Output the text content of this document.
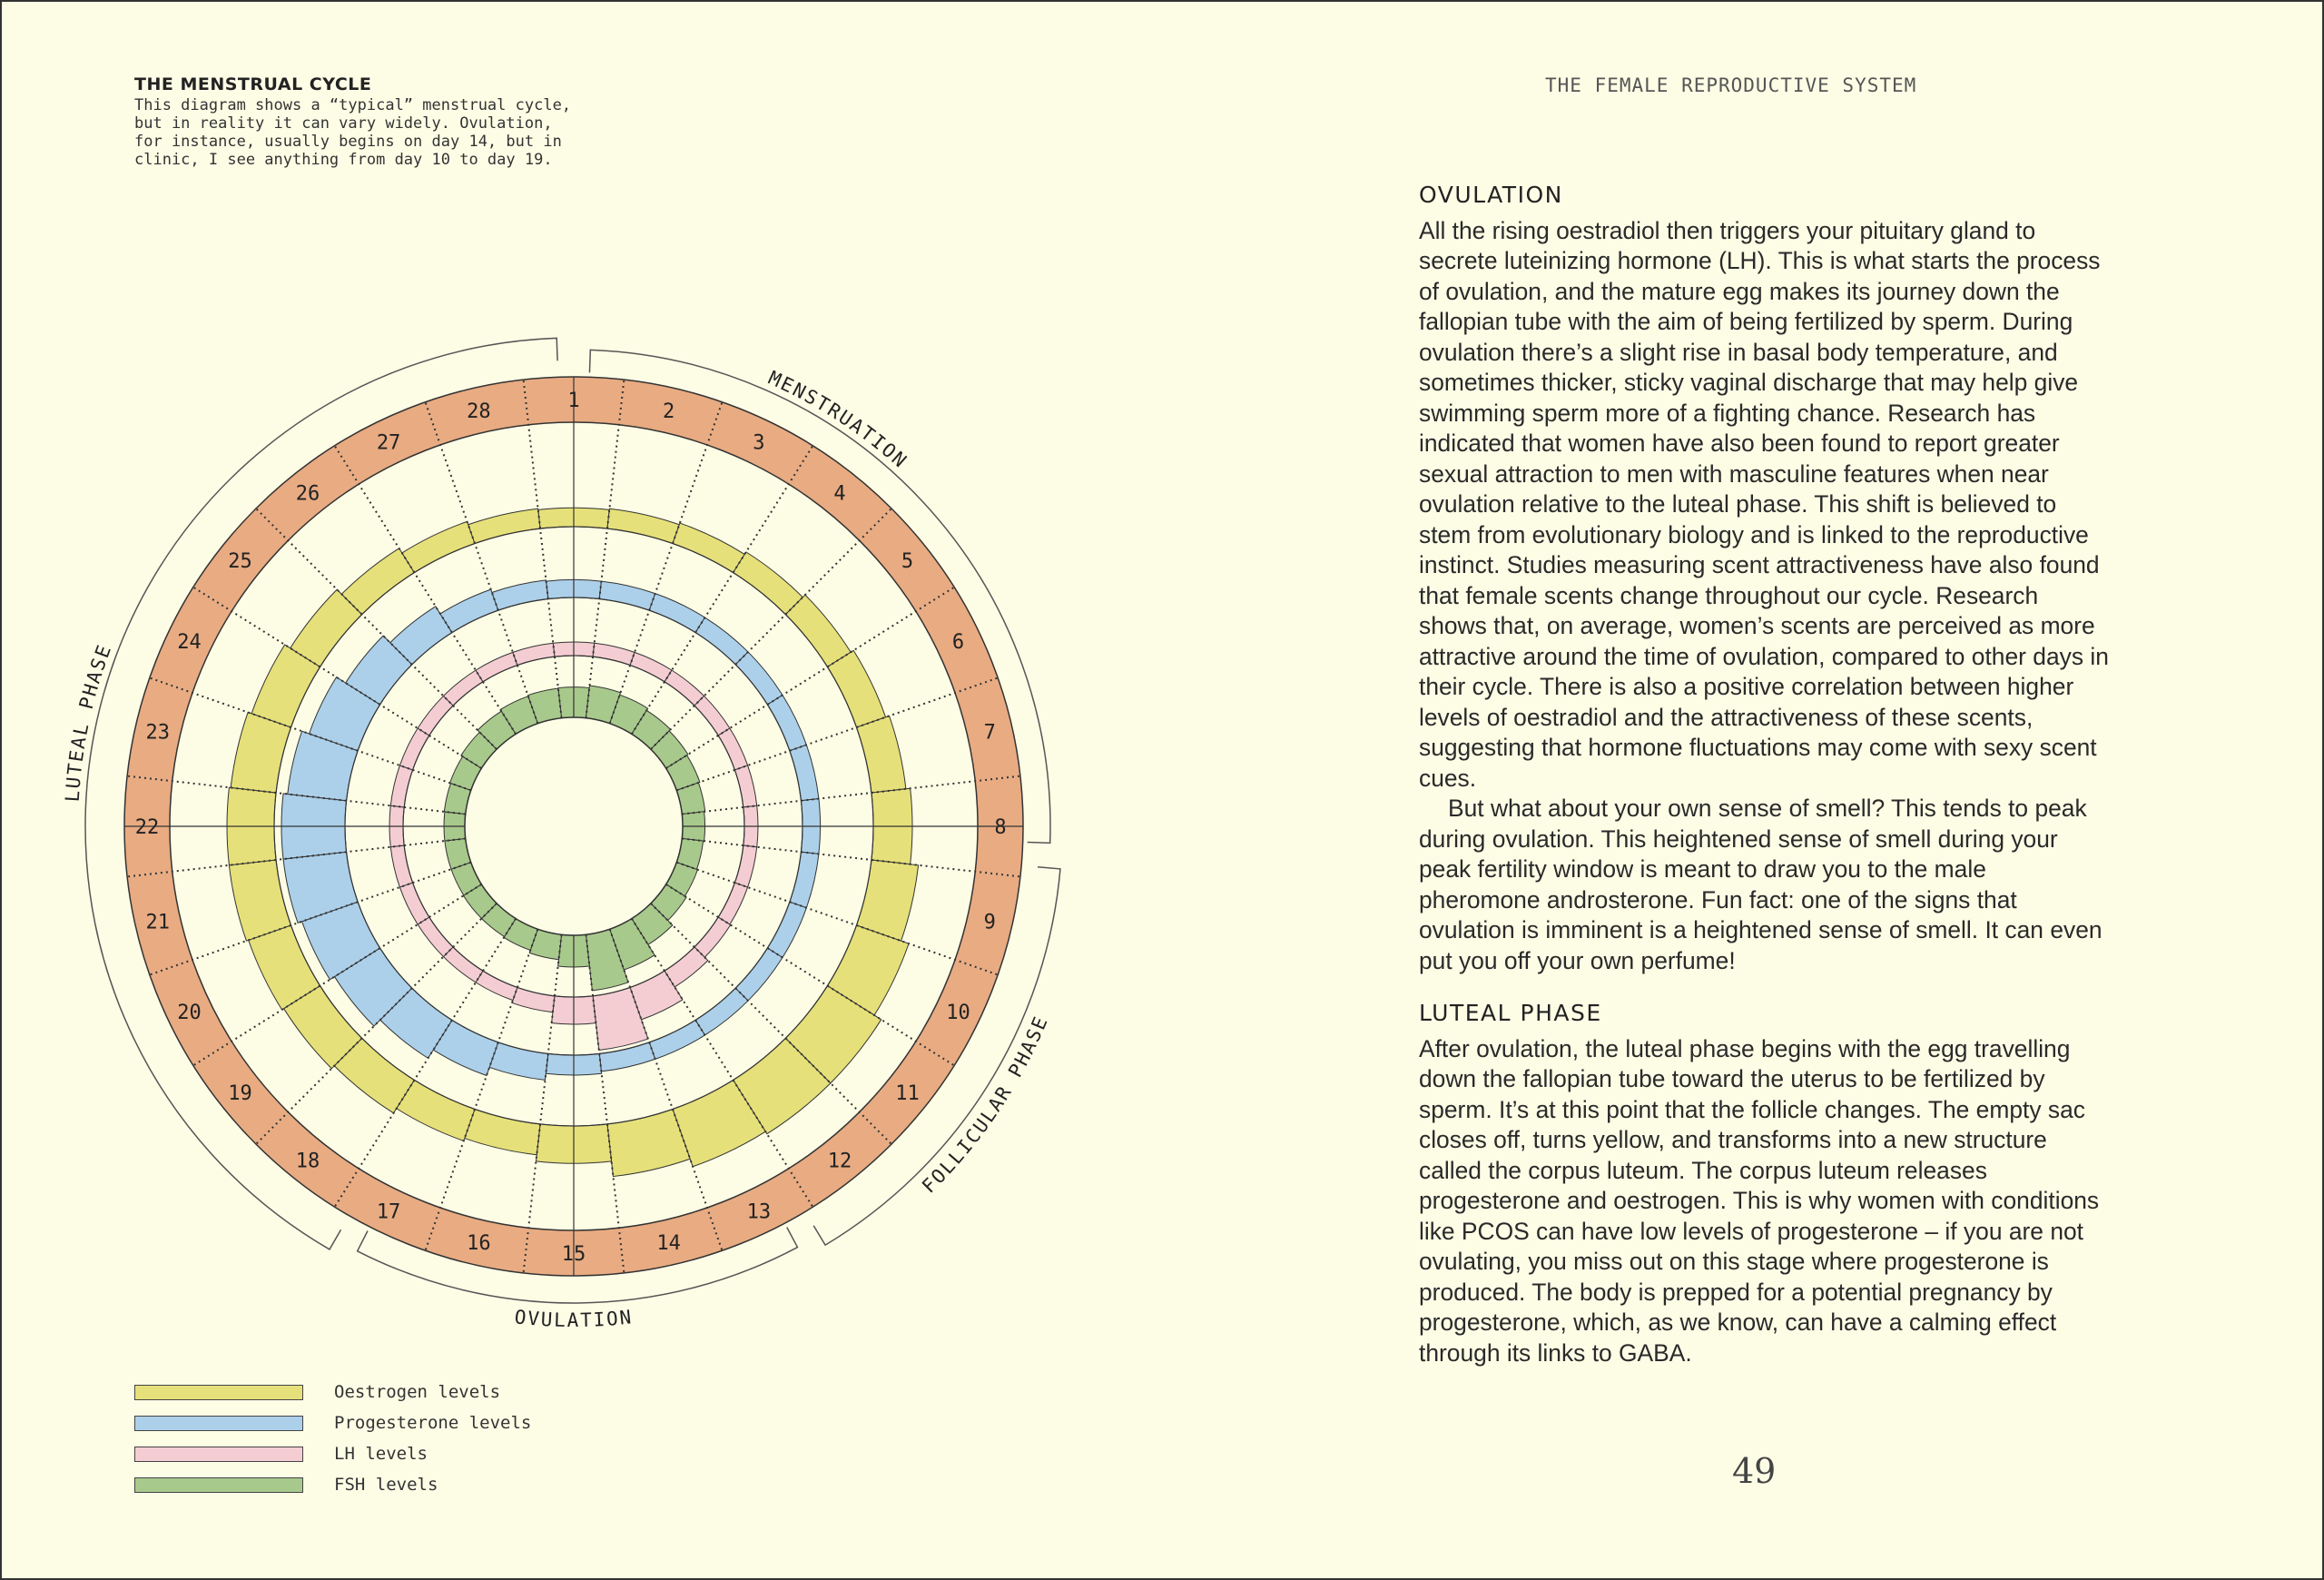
THE MENSTRUAL CYCLE
This diagram shows a “typical” menstrual cycle, but in reality it can vary widely. Ovulation, for instance, usually begins on day 14, but in clinic, I see anything from day 10 to day 19.
THE FEMALE REPRODUCTIVE SYSTEM
1	2
3
4
5
6
7
8
9
10
11
12
13
14
15
16
17
18
19
20
21
22
23
24
25
26
27
28
MENSTRUATION
FOLLICULAR PHASE
OVULATION
LUTEAL PHASE
Oestrogen levels
Progesterone levels
LH levels
FSH levels
OVULATION

All the rising oestradiol then triggers your pituitary gland to secrete luteinizing hormone (LH). This is what starts the process of ovulation, and the mature egg makes its journey down the fallopian tube with the aim of being fertilized by sperm. During ovulation there’s a slight rise in basal body temperature, and sometimes thicker, sticky vaginal discharge that may help give swimming sperm more of a fighting chance. Research has indicated that women have also been found to report greater sexual attraction to men with masculine features when near ovulation relative to the luteal phase. This shift is believed to stem from evolutionary biology and is linked to the reproductive instinct. Studies measuring scent attractiveness have also found that female scents change throughout our cycle. Research shows that, on average, women’s scents are perceived as more attractive around the time of ovulation, compared to other days in their cycle. There is also a positive correlation between higher levels of oestradiol and the attractiveness of these scents, suggesting that hormone fluctuations may come with sexy scent cues.

But what about your own sense of smell? This tends to peak during ovulation. This heightened sense of smell during your peak fertility window is meant to draw you to the male pheromone androsterone. Fun fact: one of the signs that ovulation is imminent is a heightened sense of smell. It can even put you off your own perfume!

LUTEAL PHASE

After ovulation, the luteal phase begins with the egg travelling down the fallopian tube toward the uterus to be fertilized by sperm. It’s at this point that the follicle changes. The empty sac closes off, turns yellow, and transforms into a new structure called the corpus luteum. The corpus luteum releases progesterone and oestrogen. This is why women with conditions like PCOS can have low levels of progesterone – if you are not ovulating, you miss out on this stage where progesterone is produced. The body is prepped for a potential pregnancy by progesterone, which, as we know, can have a calming effect through its links to GABA.

49
